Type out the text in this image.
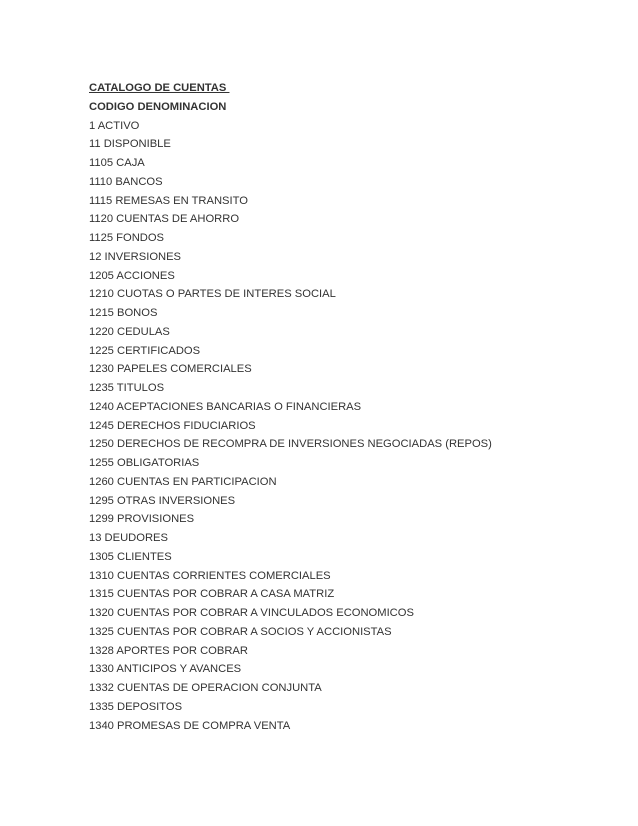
CATALOGO DE CUENTAS
CODIGO DENOMINACION
1 ACTIVO
11 DISPONIBLE
1105 CAJA
1110 BANCOS
1115 REMESAS EN TRANSITO
1120 CUENTAS DE AHORRO
1125 FONDOS
12 INVERSIONES
1205 ACCIONES
1210 CUOTAS O PARTES DE INTERES SOCIAL
1215 BONOS
1220 CEDULAS
1225 CERTIFICADOS
1230 PAPELES COMERCIALES
1235 TITULOS
1240 ACEPTACIONES BANCARIAS O FINANCIERAS
1245 DERECHOS FIDUCIARIOS
1250 DERECHOS DE RECOMPRA DE INVERSIONES NEGOCIADAS (REPOS)
1255 OBLIGATORIAS
1260 CUENTAS EN PARTICIPACION
1295 OTRAS INVERSIONES
1299 PROVISIONES
13 DEUDORES
1305 CLIENTES
1310 CUENTAS CORRIENTES COMERCIALES
1315 CUENTAS POR COBRAR A CASA MATRIZ
1320 CUENTAS POR COBRAR A VINCULADOS ECONOMICOS
1325 CUENTAS POR COBRAR A SOCIOS Y ACCIONISTAS
1328 APORTES POR COBRAR
1330 ANTICIPOS Y AVANCES
1332 CUENTAS DE OPERACION CONJUNTA
1335 DEPOSITOS
1340 PROMESAS DE COMPRA VENTA
